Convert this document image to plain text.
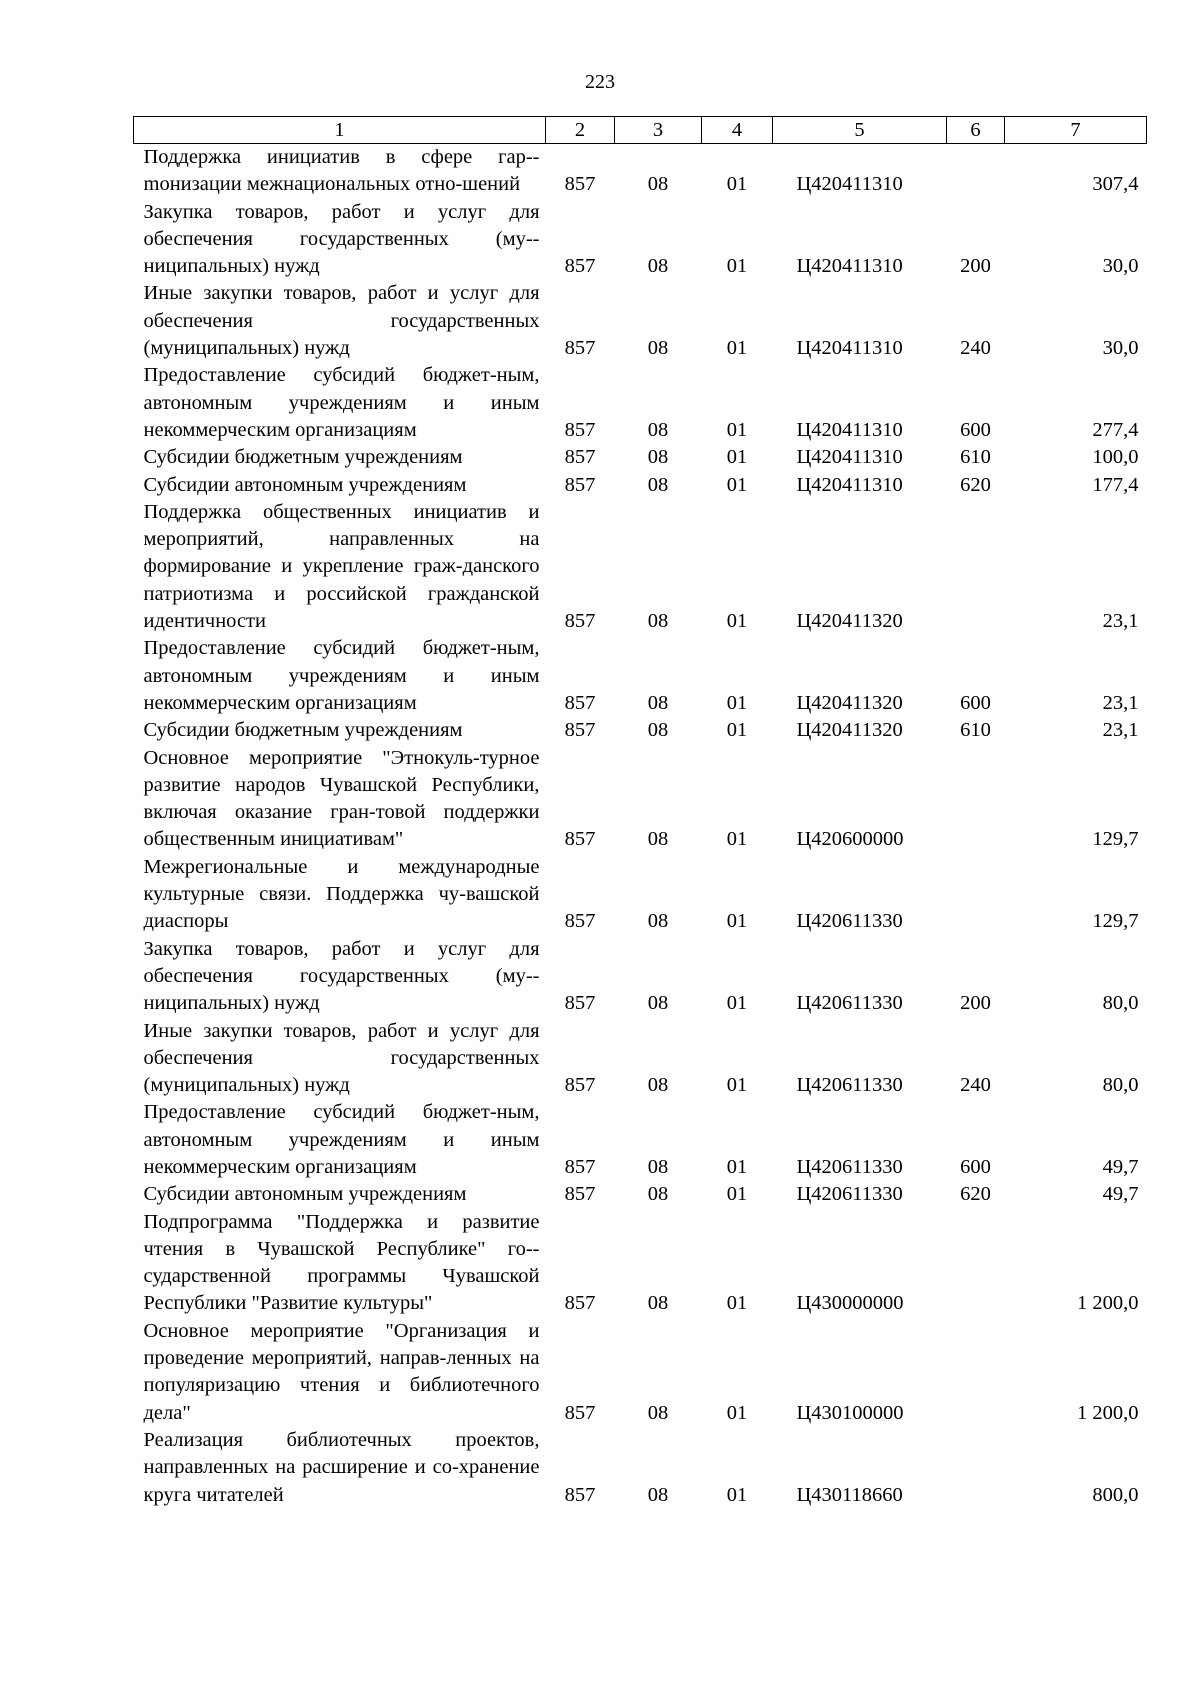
223
1	2	3	4	5	6	7
Поддержка инициатив в сфере гар-mонизации межнациональных отно-шений	857	08	01	Ц420411310		307,4
Закупка товаров, работ и услуг для обеспечения государственных (му-ниципальных) нужд	857	08	01	Ц420411310	200	30,0
Иные закупки товаров, работ и услуг для обеспечения государственных (муниципальных) нужд	857	08	01	Ц420411310	240	30,0
Предоставление субсидий бюджет-ным, автономным учреждениям и иным некоммерческим организациям	857	08	01	Ц420411310	600	277,4
Субсидии бюджетным учреждениям	857	08	01	Ц420411310	610	100,0
Субсидии автономным учреждениям	857	08	01	Ц420411310	620	177,4
Поддержка общественных инициатив и мероприятий, направленных на формирование и укрепление граж-данского патриотизма и российской гражданской идентичности	857	08	01	Ц420411320		23,1
Предоставление субсидий бюджет-ным, автономным учреждениям и иным некоммерческим организациям	857	08	01	Ц420411320	600	23,1
Субсидии бюджетным учреждениям	857	08	01	Ц420411320	610	23,1
Основное мероприятие "Этнокуль-турное развитие народов Чувашской Республики, включая оказание гран-товой поддержки общественным инициативам"	857	08	01	Ц420600000		129,7
Межрегиональные и международные культурные связи. Поддержка чу-вашской диаспоры	857	08	01	Ц420611330		129,7
Закупка товаров, работ и услуг для обеспечения государственных (му-ниципальных) нужд	857	08	01	Ц420611330	200	80,0
Иные закупки товаров, работ и услуг для обеспечения государственных (муниципальных) нужд	857	08	01	Ц420611330	240	80,0
Предоставление субсидий бюджет-ным, автономным учреждениям и иным некоммерческим организациям	857	08	01	Ц420611330	600	49,7
Субсидии автономным учреждениям	857	08	01	Ц420611330	620	49,7
Подпрограмма "Поддержка и развитие чтения в Чувашской Республике" го-сударственной программы Чувашской Республики "Развитие культуры"	857	08	01	Ц430000000		1 200,0
Основное мероприятие "Организация и проведение мероприятий, направ-ленных на популяризацию чтения и библиотечного дела"	857	08	01	Ц430100000		1 200,0
Реализация библиотечных проектов, направленных на расширение и со-хранение круга читателей	857	08	01	Ц430118660		800,0
